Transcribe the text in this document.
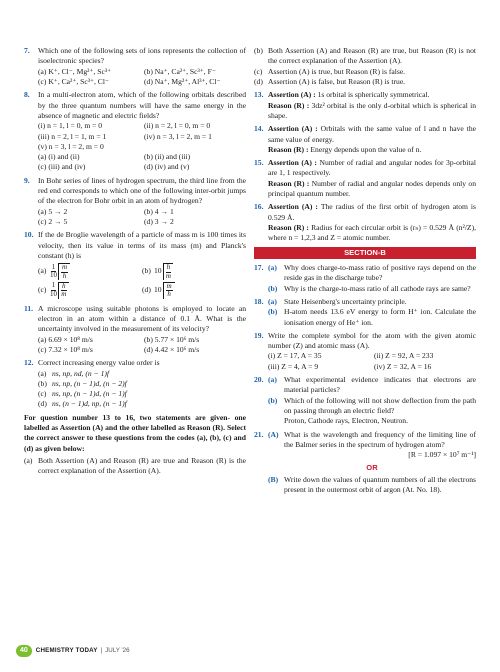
7.	Which one of the following sets of ions represents the collection of isoelectronic species?
(a) K⁺, Cl⁻, Mg²⁺, Sc³⁺	(b) Na⁺, Ca²⁺, Sc³⁺, F⁻
(c) K⁺, Ca²⁺, Sc³⁺, Cl⁻	(d) Na⁺, Mg²⁺, Al³⁺, Cl⁻
8.	In a multi-electron atom, which of the following orbitals described by the three quantum numbers will have the same energy in the absence of magnetic and electric fields?
(i) n = 1, l = 0, m = 0	(ii) n = 2, l = 0, m = 0
(iii) n = 2, l = 1, m = 1	(iv) n = 3, l = 2, m = 1
(v) n = 3, l = 2, m = 0
(a) (i) and (ii)	(b) (ii) and (iii)
(c) (iii) and (iv)	(d) (iv) and (v)
9.	In Bohr series of lines of hydrogen spectrum, the third line from the red end corresponds to which one of the following inter-orbit jumps of the electron for Bohr orbit in an atom of hydrogen?
(a) 5 → 2	(b) 4 → 1
(c) 2 → 5	(d) 3 → 2
10. If the de Broglie wavelength of a particle of mass m is 100 times its velocity, then its value in terms of its mass (m) and Planck's constant (h) is
$(a) \frac{1}{10} \frac{m}{h}$	(b) $10 \frac{h}{m}$
$(c) \frac{1}{10} \frac{h}{m}$	(d) $10 \frac{m}{h}$
11. A microscope using suitable photons is employed to locate an electron in an atom within a distance of 0.1 Å. What is the uncertainty involved in the measurement of its velocity?
(a) 6.69 × 10⁸ m/s	(b) 5.77 × 10⁶ m/s
(c) 7.32 × 10⁸ m/s	(d) 4.42 × 10⁶ m/s
12. Correct increasing energy value order is
(a) ns, np, nd, (n − 1)f
(b) ns, np, (n − 1)d, (n − 2)f
(c) ns, np, (n − 1)d, (n − 1)f
(d) ns, (n − 1)d, np, (n − 1)f
For question number 13 to 16, two statements are given- one labelled as Assertion (A) and the other labelled as Reason (R). Select the correct answer to these questions from the codes (a), (b), (c) and (d) as given below:
(a) Both Assertion (A) and Reason (R) are true and Reason (R) is the correct explanation of the Assertion (A).
(b) Both Assertion (A) and Reason (R) are true, but Reason (R) is not the correct explanation of the Assertion (A).
(c) Assertion (A) is true, but Reason (R) is false.
(d) Assertion (A) is false, but Reason (R) is true.
13. Assertion (A) : 1s orbital is spherically symmetrical.
Reason (R) : 3dz² orbital is the only d-orbital which is spherical in shape.
14. Assertion (A) : Orbitals with the same value of l and n have the same value of energy.
Reason (R) : Energy depends upon the value of n.
15. Assertion (A) : Number of radial and angular nodes for 3p-orbital are 1, 1 respectively.
Reason (R) : Number of radial and angular nodes depends only on principal quantum number.
16. Assertion (A) : The radius of the first orbit of hydrogen atom is 0.529 Å.
Reason (R) : Radius for each circular orbit is (rₙ) = 0.529 Å (n²/Z), where n = 1,2,3 and Z = atomic number.
SECTION-B
17. (a) Why does charge-to-mass ratio of positive rays depend on the reside gas in the discharge tube?
(b) Why is the charge-to-mass ratio of all cathode rays are same?
18. (a) State Heisenberg's uncertainty principle.
(b) H-atom needs 13.6 eV energy to form H⁺ ion. Calculate the ionisation energy of He⁺ ion.
19. Write the complete symbol for the atom with the given atomic number (Z) and atomic mass (A).
(i) Z = 17, A = 35	(ii) Z = 92, A = 233
(iii) Z = 4, A = 9	(iv) Z = 32, A = 16
20. (a) What experimental evidence indicates that electrons are material particles?
(b) Which of the following will not show deflection from the path on passing through an electric field?
Proton, Cathode rays, Electron, Neutron.
21. (A) What is the wavelength and frequency of the limiting line of the Balmer series in the spectrum of hydrogen atom?
[R = 1.097 × 10⁷ m⁻¹]
OR
(B) Write down the values of quantum numbers of all the electrons present in the outermost orbit of argon (At. No. 18).
40	CHEMISTRY TODAY | JULY '26
